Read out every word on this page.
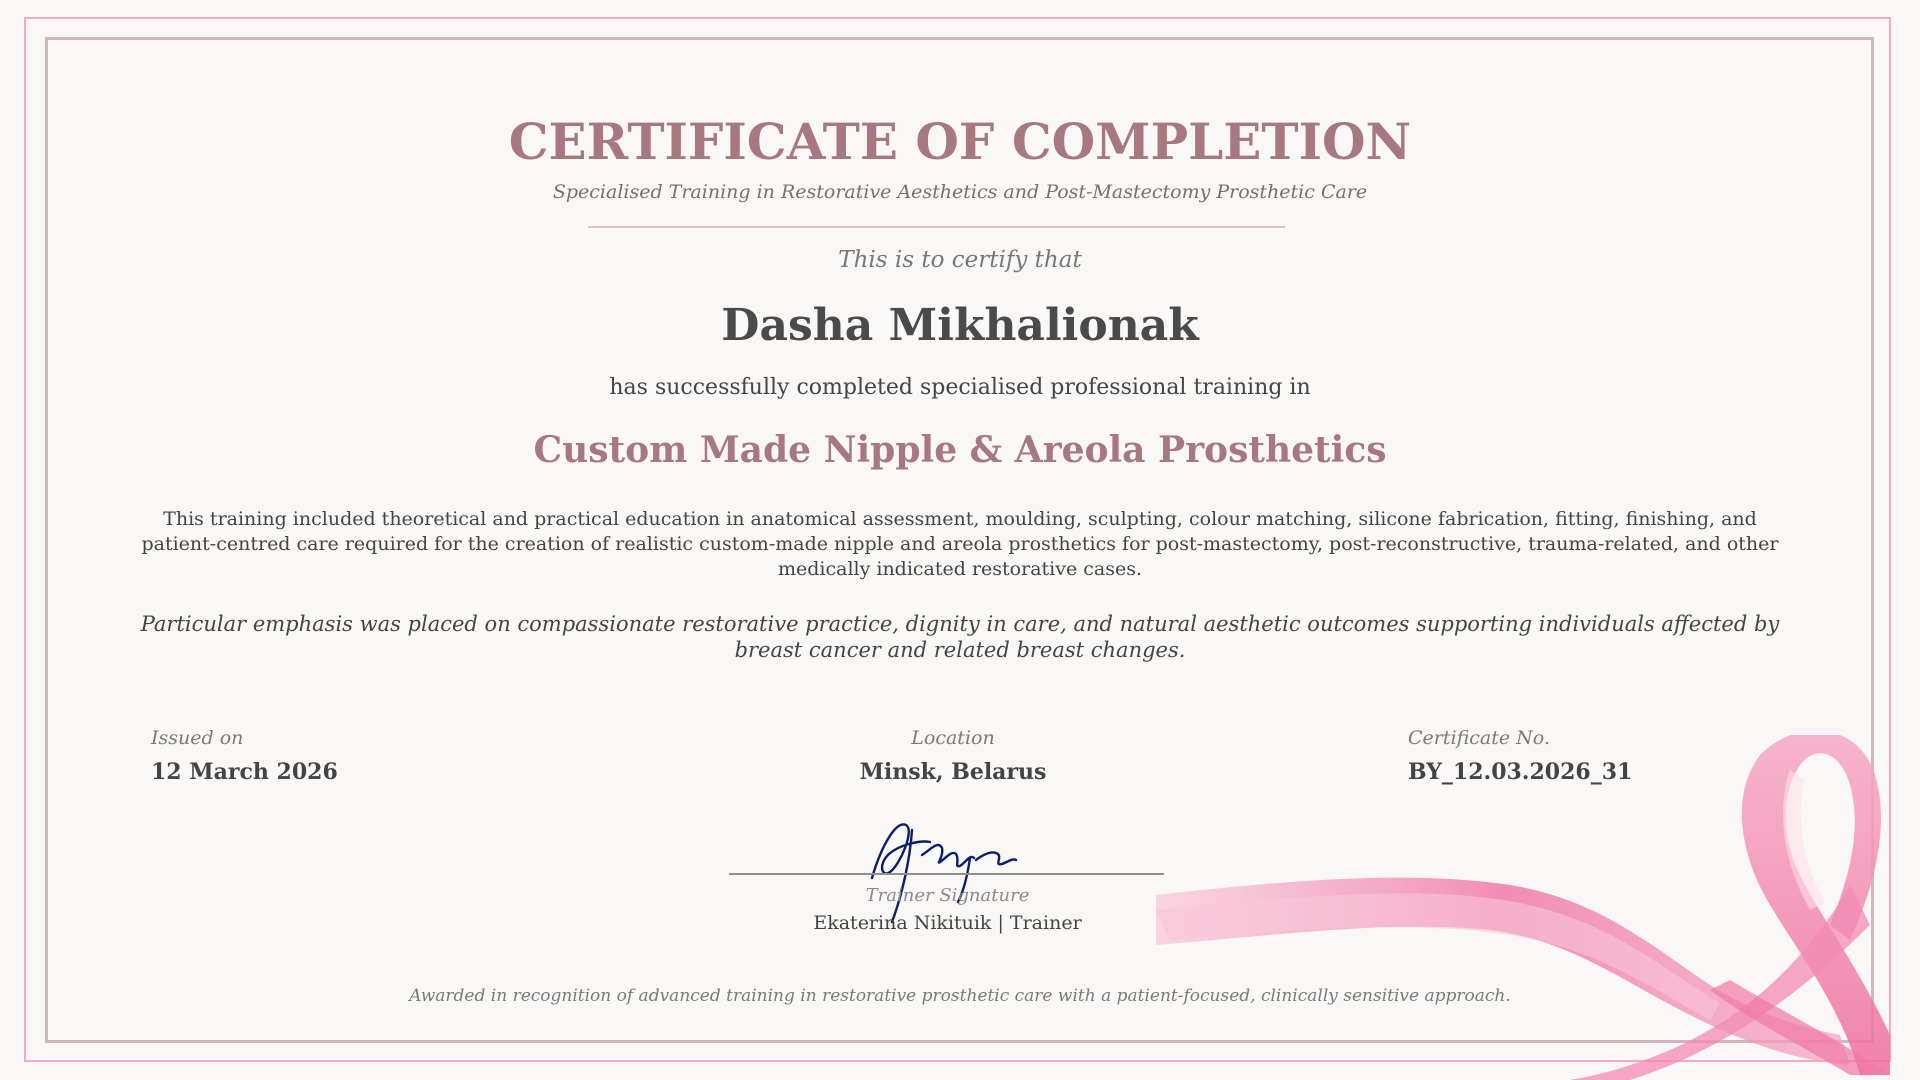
CERTIFICATE OF COMPLETION
Specialised Training in Restorative Aesthetics and Post-Mastectomy Prosthetic Care
This is to certify that
Dasha Mikhalionak
has successfully completed specialised professional training in
Custom Made Nipple & Areola Prosthetics
This training included theoretical and practical education in anatomical assessment, moulding, sculpting, colour matching, silicone fabrication, fitting, finishing, and patient-centred care required for the creation of realistic custom-made nipple and areola prosthetics for post-mastectomy, post-reconstructive, trauma-related, and other medically indicated restorative cases.
Particular emphasis was placed on compassionate restorative practice, dignity in care, and natural aesthetic outcomes supporting individuals affected by breast cancer and related breast changes.
Issued on
12 March 2026
Location
Minsk, Belarus
Certificate No.
BY_12.03.2026_31
Trainer Signature
Ekaterina Nikituik | Trainer
Awarded in recognition of advanced training in restorative prosthetic care with a patient-focused, clinically sensitive approach.
